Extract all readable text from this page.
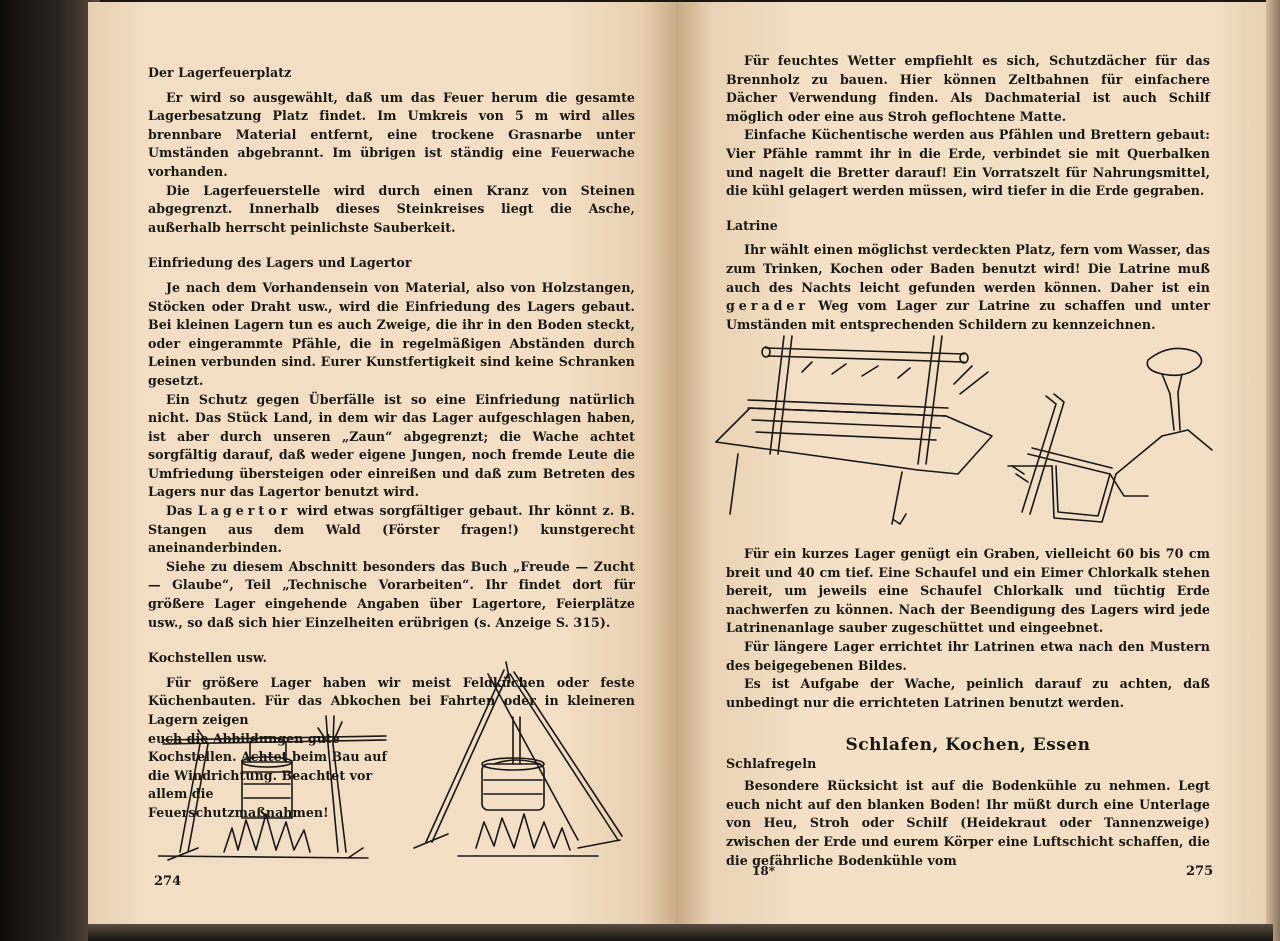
Der Lagerfeuerplatz

Er wird so ausgewählt, daß um das Feuer herum die gesamte Lagerbesatzung Platz findet. Im Umkreis von 5 m wird alles brennbare Material entfernt, eine trockene Grasnarbe unter Umständen abgebrannt. Im übrigen ist ständig eine Feuerwache vorhanden.

Die Lagerfeuerstelle wird durch einen Kranz von Steinen abgegrenzt. Innerhalb dieses Steinkreises liegt die Asche, außerhalb herrscht peinlichste Sauberkeit.

Einfriedung des Lagers und Lagertor

Je nach dem Vorhandensein von Material, also von Holzstangen, Stöcken oder Draht usw., wird die Einfriedung des Lagers gebaut. Bei kleinen Lagern tun es auch Zweige, die ihr in den Boden steckt, oder eingerammte Pfähle, die in regelmäßigen Abständen durch Leinen verbunden sind. Eurer Kunstfertigkeit sind keine Schranken gesetzt.

Ein Schutz gegen Überfälle ist so eine Einfriedung natürlich nicht. Das Stück Land, in dem wir das Lager aufgeschlagen haben, ist aber durch unseren „Zaun“ abgegrenzt; die Wache achtet sorgfältig darauf, daß weder eigene Jungen, noch fremde Leute die Umfriedung übersteigen oder einreißen und daß zum Betreten des Lagers nur das Lagertor benutzt wird.

Das Lagertor wird etwas sorgfältiger gebaut. Ihr könnt z. B. Stangen aus dem Wald (Förster fragen!) kunstgerecht aneinanderbinden.

Siehe zu diesem Abschnitt besonders das Buch „Freude — Zucht — Glaube“, Teil „Technische Vorarbeiten“. Ihr findet dort für größere Lager eingehende Angaben über Lagertore, Feierplätze usw., so daß sich hier Einzelheiten erübrigen (s. Anzeige S. 315).

Kochstellen usw.

Für größere Lager haben wir meist Feldküchen oder feste Küchenbauten. Für das Abkochen bei Fahrten oder in kleineren Lagern zeigen

euch die Abbildungen gute Kochstellen. Achtet beim Bau auf die Windrichtung. Beachtet vor allem die Feuerschutzmaßnahmen!

274

Für feuchtes Wetter empfiehlt es sich, Schutzdächer für das Brennholz zu bauen. Hier können Zeltbahnen für einfachere Dächer Verwendung finden. Als Dachmaterial ist auch Schilf möglich oder eine aus Stroh geflochtene Matte.

Einfache Küchentische werden aus Pfählen und Brettern gebaut: Vier Pfähle rammt ihr in die Erde, verbindet sie mit Querbalken und nagelt die Bretter darauf! Ein Vorratszelt für Nahrungsmittel, die kühl gelagert werden müssen, wird tiefer in die Erde gegraben.

Latrine

Ihr wählt einen möglichst verdeckten Platz, fern vom Wasser, das zum Trinken, Kochen oder Baden benutzt wird! Die Latrine muß auch des Nachts leicht gefunden werden können. Daher ist ein gerader Weg vom Lager zur Latrine zu schaffen und unter Umständen mit entsprechenden Schildern zu kennzeichnen.

Für ein kurzes Lager genügt ein Graben, vielleicht 60 bis 70 cm breit und 40 cm tief. Eine Schaufel und ein Eimer Chlorkalk stehen bereit, um jeweils eine Schaufel Chlorkalk und tüchtig Erde nachwerfen zu können. Nach der Beendigung des Lagers wird jede Latrinenanlage sauber zugeschüttet und eingeebnet.

Für längere Lager errichtet ihr Latrinen etwa nach den Mustern des beigegebenen Bildes.

Es ist Aufgabe der Wache, peinlich darauf zu achten, daß unbedingt nur die errichteten Latrinen benutzt werden.

Schlafen, Kochen, Essen

Schlafregeln

Besondere Rücksicht ist auf die Bodenkühle zu nehmen. Legt euch nicht auf den blanken Boden! Ihr müßt durch eine Unterlage von Heu, Stroh oder Schilf (Heidekraut oder Tannenzweige) zwischen der Erde und eurem Körper eine Luftschicht schaffen, die die gefährliche Bodenkühle vom

18*	275
